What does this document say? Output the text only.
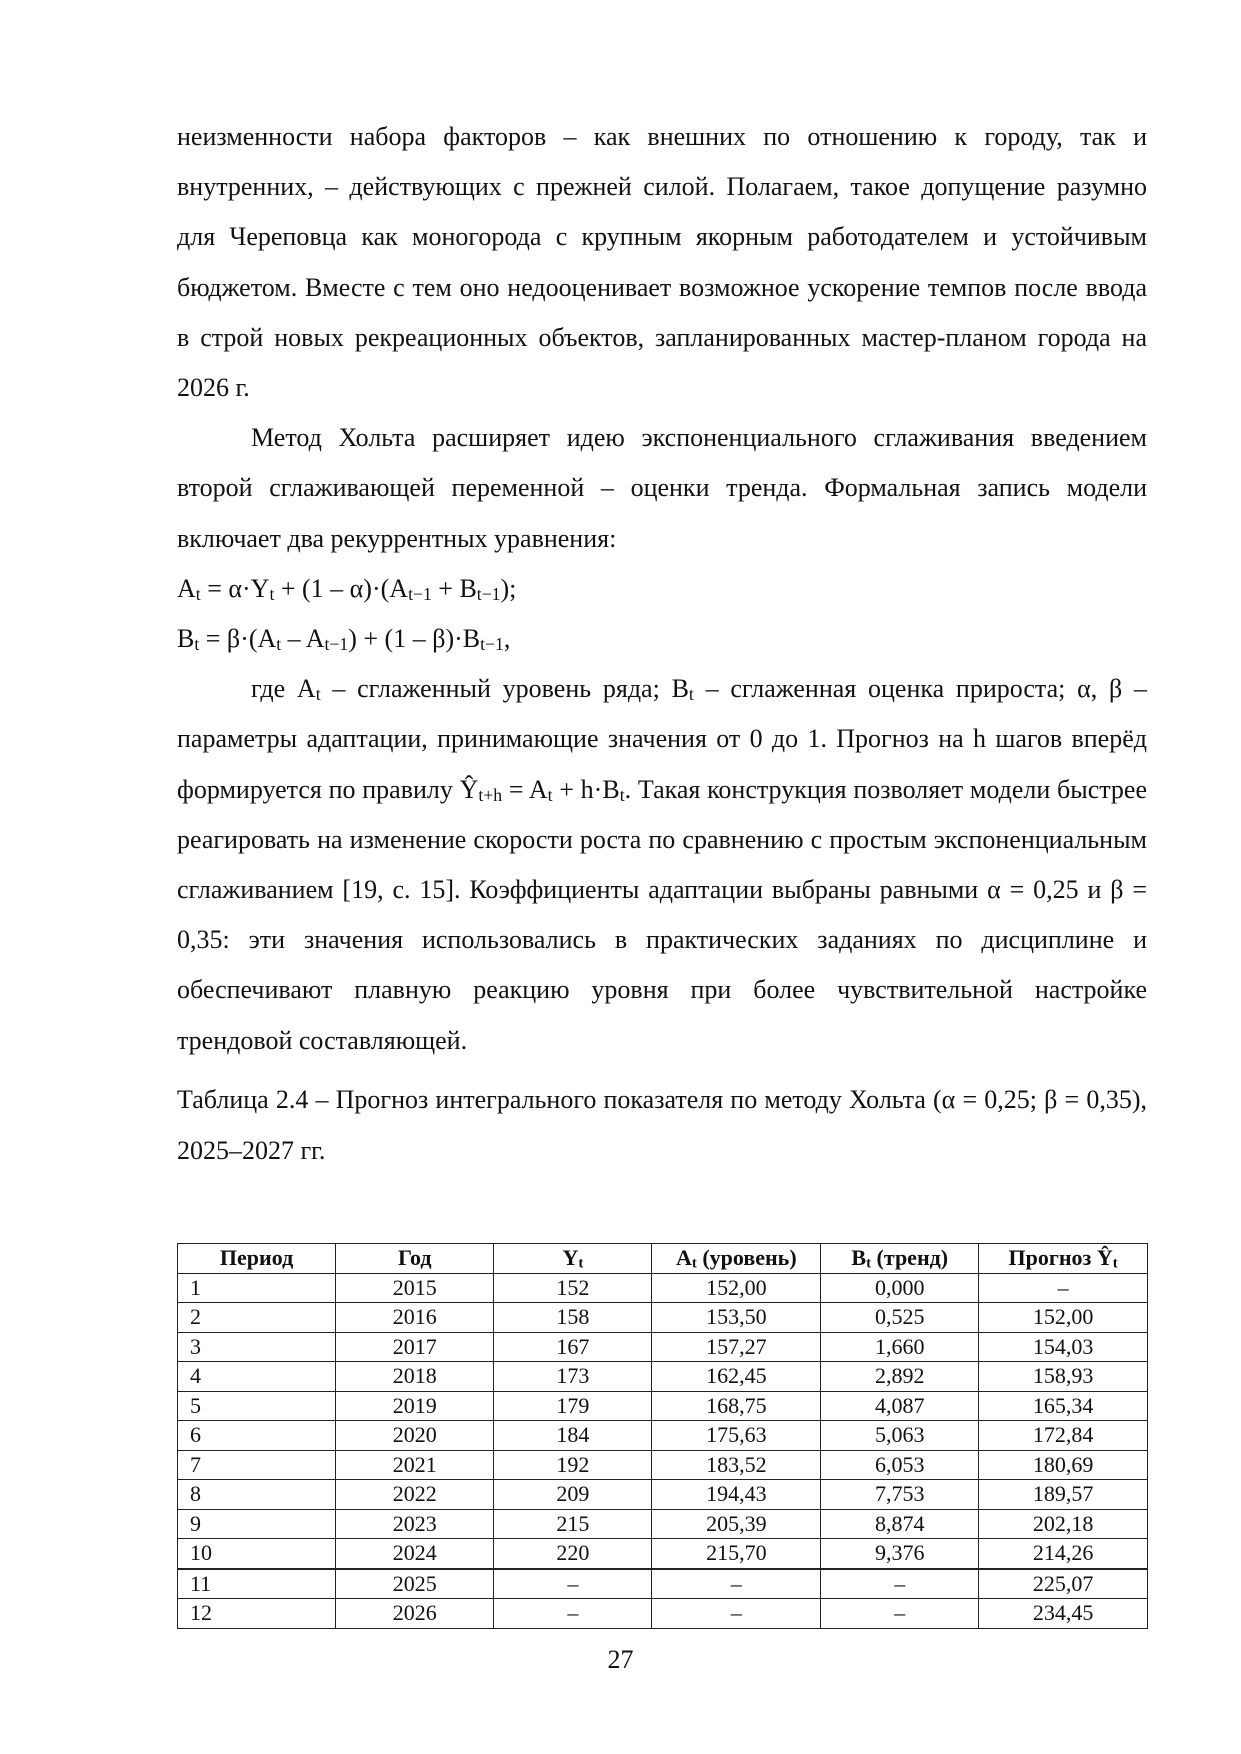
неизменности набора факторов – как внешних по отношению к городу, так и внутренних, – действующих с прежней силой. Полагаем, такое допущение разумно для Череповца как моногорода с крупным якорным работодателем и устойчивым бюджетом. Вместе с тем оно недооценивает возможное ускорение темпов после ввода в строй новых рекреационных объектов, запланированных мастер-планом города на 2026 г.

Метод Хольта расширяет идею экспоненциального сглаживания введением второй сглаживающей переменной – оценки тренда. Формальная запись модели включает два рекуррентных уравнения:

$A_t = \alpha\cdot Y_t + (1 - \alpha)\cdot(A_{t-1} + B_{t-1})$;

$B_t = \beta\cdot(A_t - A_{t-1}) + (1 - \beta)\cdot B_{t-1}$,

где $A_t$ – сглаженный уровень ряда; $B_t$ – сглаженная оценка прироста; α, β – параметры адаптации, принимающие значения от 0 до 1. Прогноз на h шагов вперёд формируется по правилу $Ŷ_{t+h} = A_t + h\cdot B_t$. Такая конструкция позволяет модели быстрее реагировать на изменение скорости роста по сравнению с простым экспоненциальным сглаживанием [19, с. 15]. Коэффициенты адаптации выбраны равными α = 0,25 и β = 0,35: эти значения использовались в практических заданиях по дисциплине и обеспечивают плавную реакцию уровня при более чувствительной настройке трендовой составляющей.

Таблица 2.4 – Прогноз интегрального показателя по методу Хольта (α = 0,25; β = 0,35), 2025–2027 гг.

Период	Год	$Y_t$	$A_t$ (уровень)	$B_t$ (тренд)	Прогноз $Ŷ_t$
1	2015	152	152,00	0,000	–
2	2016	158	153,50	0,525	152,00
3	2017	167	157,27	1,660	154,03
4	2018	173	162,45	2,892	158,93
5	2019	179	168,75	4,087	165,34
6	2020	184	175,63	5,063	172,84
7	2021	192	183,52	6,053	180,69
8	2022	209	194,43	7,753	189,57
9	2023	215	205,39	8,874	202,18
10	2024	220	215,70	9,376	214,26
11	2025	–	–	–	225,07
12	2026	–	–	–	234,45
27
